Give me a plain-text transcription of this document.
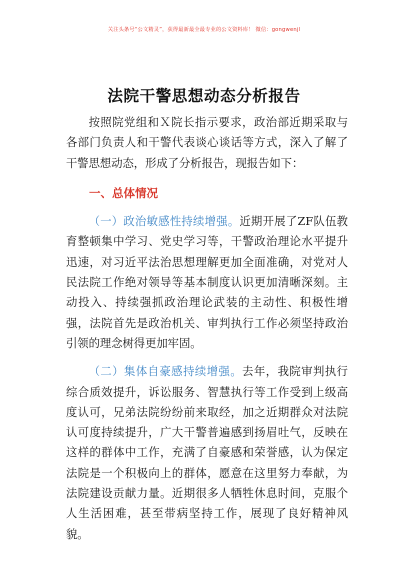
关注头条号“公文精灵”，获得最新最全最专业的公文资料库！ 微信：gongwenjl
法院干警思想动态分析报告

按照院党组和Ｘ院长指示要求，政治部近期采取与各部门负责人和干警代表谈心谈话等方式，深入了解了干警思想动态，形成了分析报告，现报告如下：

一、总体情况

（一）政治敏感性持续增强。近期开展了ZF队伍教育整顿集中学习、党史学习等，干警政治理论水平提升迅速，对习近平法治思想理解更加全面准确，对党对人民法院工作绝对领导等基本制度认识更加清晰深刻。主动投入、持续强抓政治理论武装的主动性、积极性增强，法院首先是政治机关、审判执行工作必须坚持政治引领的理念树得更加牢固。

（二）集体自豪感持续增强。去年，我院审判执行综合质效提升，诉讼服务、智慧执行等工作受到上级高度认可，兄弟法院纷纷前来取经，加之近期群众对法院认可度持续提升，广大干警普遍感到扬眉吐气，反映在这样的群体中工作，充满了自豪感和荣誉感，认为保定法院是一个积极向上的群体，愿意在这里努力奉献，为法院建设贡献力量。近期很多人牺牲休息时间，克服个人生活困难，甚至带病坚持工作，展现了良好精神风貌。
